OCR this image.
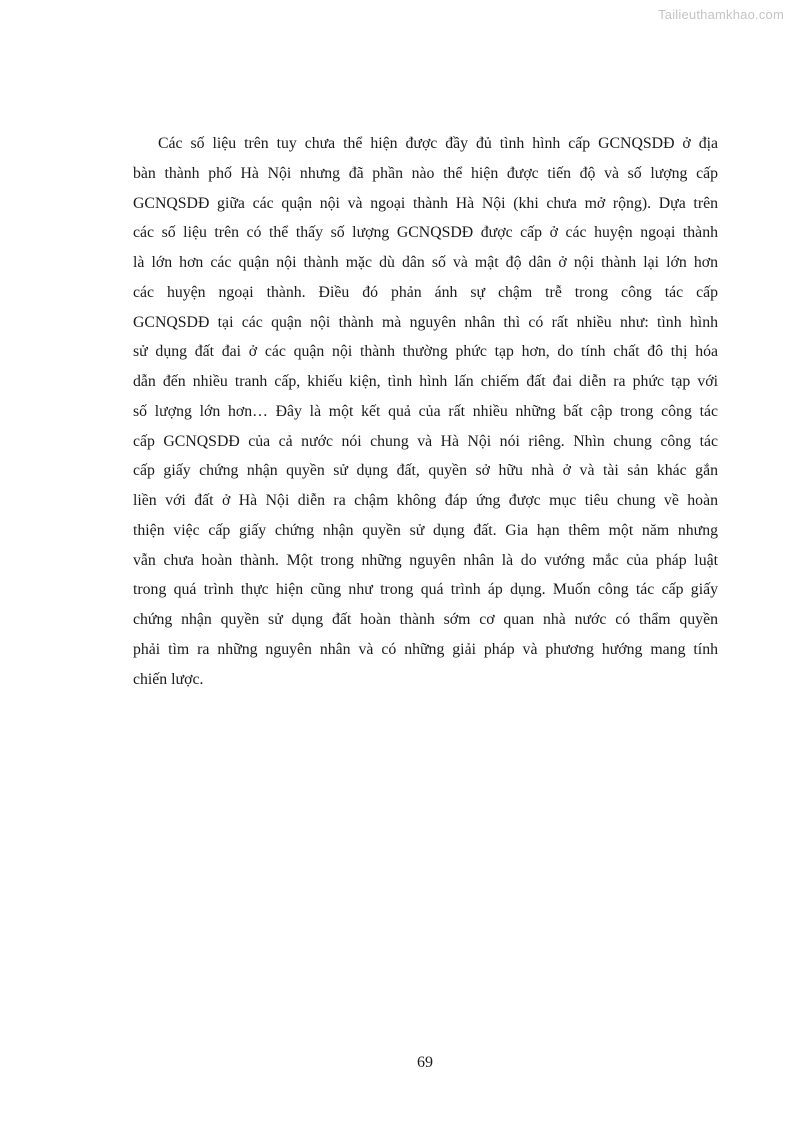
Tailieuthamkhao.com
Các số liệu trên tuy chưa thể hiện được đầy đủ tình hình cấp GCNQSDĐ ở địa
bàn thành phố Hà Nội nhưng đã phần nào thể hiện được tiến độ và số lượng cấp
GCNQSDĐ giữa các quận nội và ngoại thành Hà Nội (khi chưa mở rộng). Dựa trên
các số liệu trên có thể thấy số lượng GCNQSDĐ được cấp ở các huyện ngoại thành
là lớn hơn các quận nội thành mặc dù dân số và mật độ dân ở nội thành lại lớn hơn
các huyện ngoại thành. Điều đó phản ánh sự chậm trễ trong công tác cấp
GCNQSDĐ tại các quận nội thành mà nguyên nhân thì có rất nhiều như: tình hình
sử dụng đất đai ở các quận nội thành thường phức tạp hơn, do tính chất đô thị hóa
dẫn đến nhiều tranh cấp, khiếu kiện, tình hình lấn chiếm đất đai diễn ra phức tạp với
số lượng lớn hơn… Đây là một kết quả của rất nhiều những bất cập trong công tác
cấp GCNQSDĐ của cả nước nói chung và Hà Nội nói riêng. Nhìn chung công tác
cấp giấy chứng nhận quyền sử dụng đất, quyền sở hữu nhà ở và tài sản khác gắn
liền với đất ở Hà Nội diễn ra chậm không đáp ứng được mục tiêu chung về hoàn
thiện việc cấp giấy chứng nhận quyền sử dụng đất. Gia hạn thêm một năm nhưng
vẫn chưa hoàn thành. Một trong những nguyên nhân là do vướng mắc của pháp luật
trong quá trình thực hiện cũng như trong quá trình áp dụng. Muốn công tác cấp giấy
chứng nhận quyền sử dụng đất hoàn thành sớm cơ quan nhà nước có thẩm quyền
phải tìm ra những nguyên nhân và có những giải pháp và phương hướng mang tính
chiến lược.
69
